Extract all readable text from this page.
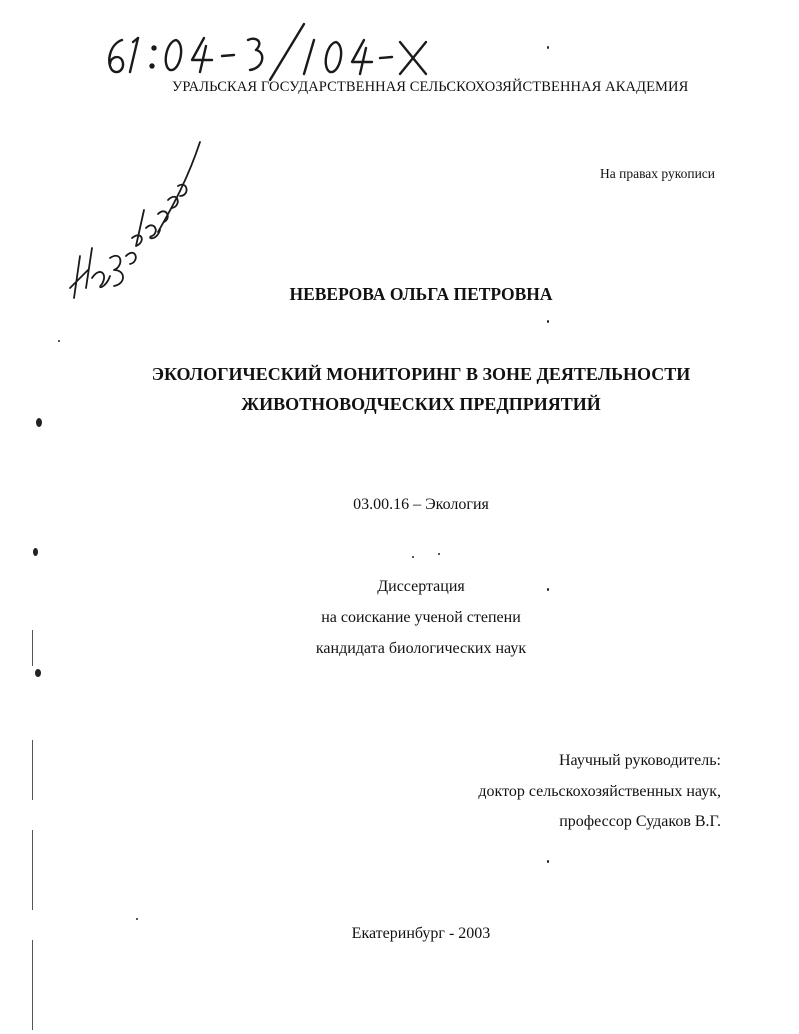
УРАЛЬСКАЯ ГОСУДАРСТВЕННАЯ СЕЛЬСКОХОЗЯЙСТВЕННАЯ АКАДЕМИЯ
На правах рукописи
НЕВЕРОВА ОЛЬГА ПЕТРОВНА
ЭКОЛОГИЧЕСКИЙ МОНИТОРИНГ В ЗОНЕ ДЕЯТЕЛЬНОСТИ
ЖИВОТНОВОДЧЕСКИХ ПРЕДПРИЯТИЙ
03.00.16 – Экология
Диссертация
на соискание ученой степени
кандидата биологических наук
Научный руководитель:
доктор сельскохозяйственных наук,
профессор Судаков В.Г.
Екатеринбург - 2003
